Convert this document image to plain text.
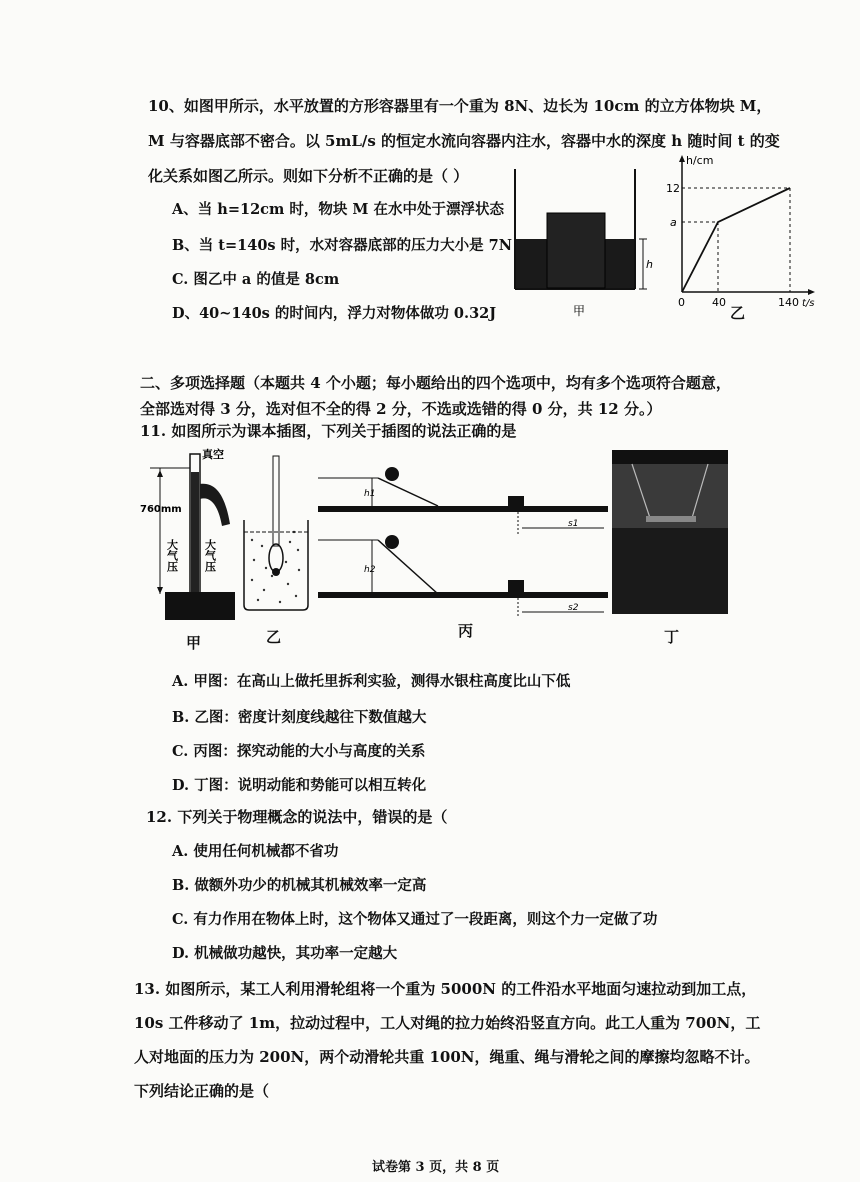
10、如图甲所示，水平放置的方形容器里有一个重为 8N、边长为 10cm 的立方体物块 M，
M 与容器底部不密合。以 5mL/s 的恒定水流向容器内注水，容器中水的深度 h 随时间 t 的变
化关系如图乙所示。则如下分析不正确的是（ ）
A、当 h=12cm 时，物块 M 在水中处于漂浮状态
B、当 t=140s 时，水对容器底部的压力大小是 7N
C. 图乙中 a 的值是 8cm
D、40~140s 的时间内，浮力对物体做功 0.32J
h
甲
h/cm
t/s
12
a
0 40	140
乙
二、多项选择题（本题共 4 个小题；每小题给出的四个选项中，均有多个选项符合题意，
全部选对得 3 分，选对但不全的得 2 分，不选或选错的得 0 分，共 12 分。）
11. 如图所示为课本插图，下列关于插图的说法正确的是
760mm
真空
大气压 大气压
甲	乙
h1
s1
h2
s2
丙	丁
A. 甲图：在高山上做托里拆利实验，测得水银柱高度比山下低
B. 乙图：密度计刻度线越往下数值越大
C. 丙图：探究动能的大小与高度的关系
D. 丁图：说明动能和势能可以相互转化
12. 下列关于物理概念的说法中，错误的是（
A. 使用任何机械都不省功
B. 做额外功少的机械其机械效率一定高
C. 有力作用在物体上时，这个物体又通过了一段距离，则这个力一定做了功
D. 机械做功越快，其功率一定越大
13. 如图所示，某工人利用滑轮组将一个重为 5000N 的工件沿水平地面匀速拉动到加工点，
10s 工件移动了 1m，拉动过程中，工人对绳的拉力始终沿竖直方向。此工人重为 700N，工
人对地面的压力为 200N，两个动滑轮共重 100N，绳重、绳与滑轮之间的摩擦均忽略不计。
下列结论正确的是（
试卷第 3 页，共 8 页
